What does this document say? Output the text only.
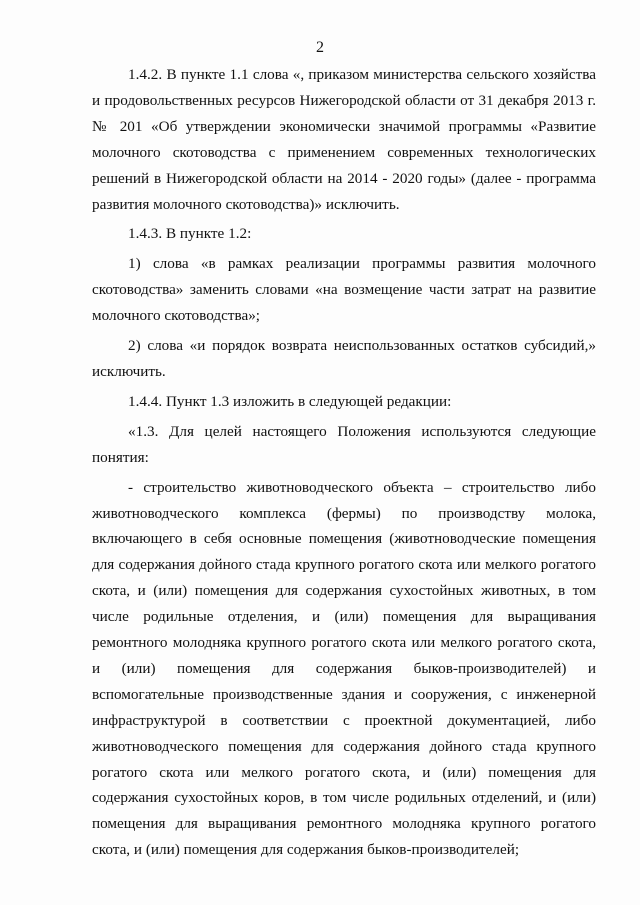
2
1.4.2. В пункте 1.1 слова «, приказом министерства сельского хозяйства
и продовольственных ресурсов Нижегородской области от 31 декабря 2013 г.
№ 201 «Об утверждении экономически значимой программы «Развитие
молочного скотоводства с применением современных технологических
решений в Нижегородской области на 2014 - 2020 годы» (далее - программа
развития молочного скотоводства)» исключить.
1.4.3. В пункте 1.2:
1) слова «в рамках реализации программы развития молочного
скотоводства» заменить словами «на возмещение части затрат на развитие
молочного скотоводства»;
2) слова «и порядок возврата неиспользованных остатков субсидий,»
исключить.
1.4.4. Пункт 1.3 изложить в следующей редакции:
«1.3. Для целей настоящего Положения используются следующие
понятия:
- строительство животноводческого объекта – строительство либо
животноводческого комплекса (фермы) по производству молока,
включающего в себя основные помещения (животноводческие помещения
для содержания дойного стада крупного рогатого скота или мелкого рогатого
скота, и (или) помещения для содержания сухостойных животных, в том
числе родильные отделения, и (или) помещения для выращивания
ремонтного молодняка крупного рогатого скота или мелкого рогатого скота,
и (или) помещения для содержания быков-производителей) и
вспомогательные производственные здания и сооружения, с инженерной
инфраструктурой в соответствии с проектной документацией, либо
животноводческого помещения для содержания дойного стада крупного
рогатого скота или мелкого рогатого скота, и (или) помещения для
содержания сухостойных коров, в том числе родильных отделений, и (или)
помещения для выращивания ремонтного молодняка крупного рогатого
скота, и (или) помещения для содержания быков-производителей;
